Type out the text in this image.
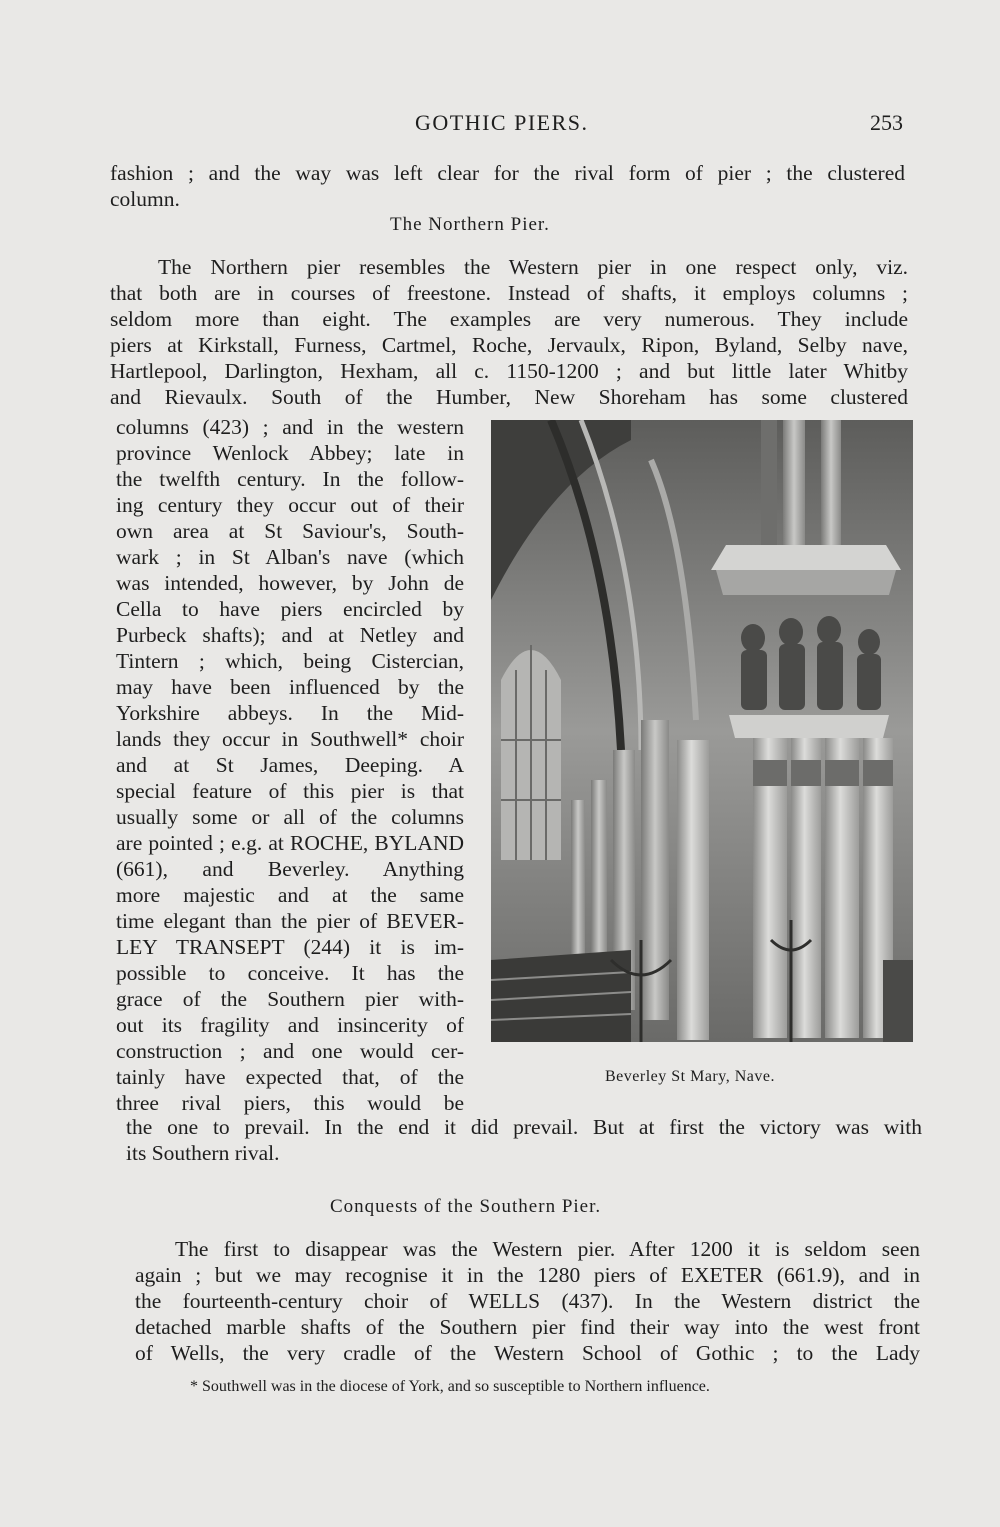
GOTHIC PIERS.	253
fashion ; and the way was left clear for the rival form of pier ; the clustered
column.
The Northern Pier.
The Northern pier resembles the Western pier in one respect only, viz.
that both are in courses of freestone. Instead of shafts, it employs columns ;
seldom more than eight. The examples are very numerous. They include
piers at Kirkstall, Furness, Cartmel, Roche, Jervaulx, Ripon, Byland, Selby nave,
Hartlepool, Darlington, Hexham, all c. 1150-1200 ; and but little later Whitby
and Rievaulx. South of the Humber, New Shoreham has some clustered
columns (423) ; and in the western
province Wenlock Abbey; late in
the twelfth century. In the follow-
ing century they occur out of their
own area at St Saviour's, South-
wark ; in St Alban's nave (which
was intended, however, by John de
Cella to have piers encircled by
Purbeck shafts); and at Netley and
Tintern ; which, being Cistercian,
may have been influenced by the
Yorkshire abbeys. In the Mid-
lands they occur in Southwell* choir
and at St James, Deeping. A
special feature of this pier is that
usually some or all of the columns
are pointed ; e.g. at ROCHE, BYLAND
(661), and Beverley. Anything
more majestic and at the same
time elegant than the pier of BEVER-
LEY TRANSEPT (244) it is im-
possible to conceive. It has the
grace of the Southern pier with-
out its fragility and insincerity of
construction ; and one would cer-
tainly have expected that, of the
three rival piers, this would be
Beverley St Mary, Nave.
the one to prevail. In the end it did prevail. But at first the victory was with
its Southern rival.
Conquests of the Southern Pier.
The first to disappear was the Western pier. After 1200 it is seldom seen
again ; but we may recognise it in the 1280 piers of EXETER (661.9), and in
the fourteenth-century choir of WELLS (437). In the Western district the
detached marble shafts of the Southern pier find their way into the west front
of Wells, the very cradle of the Western School of Gothic ; to the Lady
* Southwell was in the diocese of York, and so susceptible to Northern influence.
